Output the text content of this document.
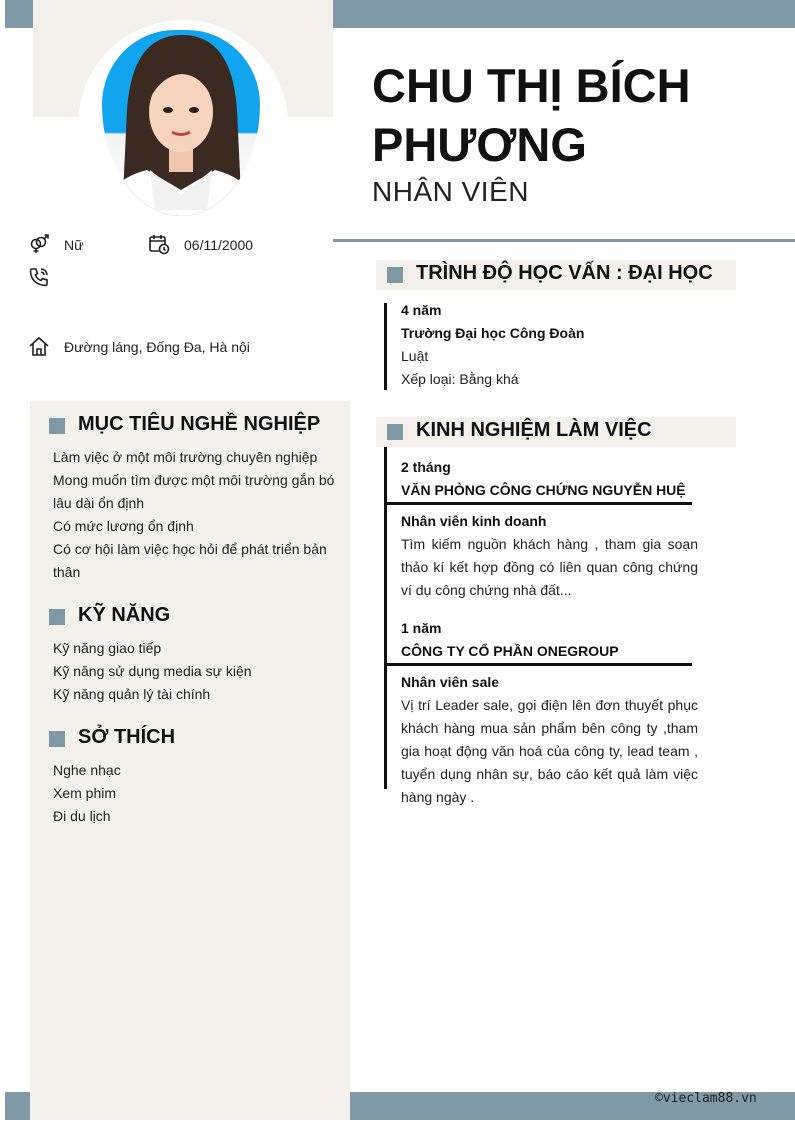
CHU THỊ BÍCH
PHƯƠNG
NHÂN VIÊN
Nữ	06/11/2000
Đường láng, Đống Đa, Hà nội
MỤC TIÊU NGHỀ NGHIỆP
Làm việc ở một môi trường chuyên nghiệp
Mong muốn tìm được một môi trường gắn bó
lâu dài ổn định
Có mức lương ổn định
Có cơ hội làm việc học hỏi để phát triển bản
thân
KỸ NĂNG
Kỹ năng giao tiếp
Kỹ năng sử dụng media sự kiện
Kỹ năng quản lý tài chính
SỞ THÍCH
Nghe nhạc
Xem phim
Đi du lịch
TRÌNH ĐỘ HỌC VẤN : ĐẠI HỌC
4 năm
Trường Đại học Công Đoàn
Luật
Xếp loại: Bằng khá
KINH NGHIỆM LÀM VIỆC
2 tháng
VĂN PHÒNG CÔNG CHỨNG NGUYỄN HUỆ
Nhân viên kinh doanh
Tìm kiếm nguồn khách hàng , tham gia soạn thảo kí kết hợp đồng có liên quan công chứng ví dụ công chứng nhà đất...
1 năm
CÔNG TY CỔ PHẦN ONEGROUP
Nhân viên sale
Vị trí Leader sale, gọi điện lên đơn thuyết phục khách hàng mua sản phẩm bên công ty ,tham gia hoạt động văn hoá của công ty, lead team , tuyển dụng nhân sự, báo cáo kết quả làm việc hàng ngày .
©vieclam88.vn
